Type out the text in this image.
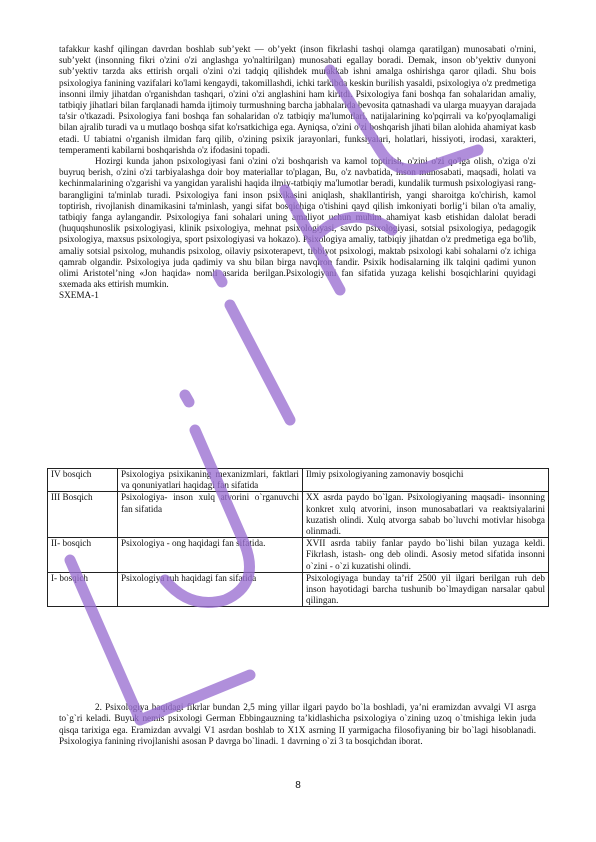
tafakkur kashf qilingan davrdan boshlab sub’yekt — ob’yekt (inson fikrlashi tashqi olamga qaratilgan) munosabati o'rnini, sub’yekt (insonning fikri o'zini o'zi anglashga yo'naltirilgan) munosabati egallay boradi. Demak, inson ob’yektiv dunyoni sub’yektiv tarzda aks ettirish orqali o'zini o'zi tadqiq qilishdek murakkab ishni amalga oshirishga qaror qiladi. Shu bois psixologiya fanining vazifalari ko'lami kengaydi, takomillashdi, ichki tarkibda keskin burilish yasaldi, psixologiya o'z predmetiga insonni ilmiy jihatdan o'rganishdan tashqari, o'zini o'zi anglashini ham kiritdi. Psixologiya fani boshqa fan sohalaridan amaliy, tatbiqiy jihatlari bilan farqlanadi hamda ijtimoiy turmushning barcha jabhalarida bevosita qatnashadi va ularga muayyan darajada ta'sir o'tkazadi. Psixologiya fani boshqa fan sohalaridan o'z tatbiqiy ma'lumotlari, natijalarining ko'pqirrali va ko'pyoqlamaligi bilan ajralib turadi va u mutlaqo boshqa sifat ko'rsatkichiga ega. Ayniqsa, o'zini o'zi boshqarish jihati bilan alohida ahamiyat kasb etadi. U tabiatni o'rganish ilmidan farq qilib, o'zining psixik jarayonlari, funksiyalari, holatlari, hissiyoti, irodasi, xarakteri, temperamenti kabilarni boshqarishda o'z ifodasini topadi.

Hozirgi kunda jahon psixologiyasi fani o'zini o'zi boshqarish va kamol toptirish, o'zini o'zi qo'lga olish, o'ziga o'zi buyruq berish, o'zini o'zi tarbiyalashga doir boy materiallar to'plagan, Bu, o'z navbatida, inson munosabati, maqsadi, holati va kechinmalarining o'zgarishi va yangidan yaralishi haqida ilmiy-tatbiqiy ma'lumotlar beradi, kundalik turmush psixologiyasi rang-barangligini ta'minlab turadi. Psixologiya fani inson psixikasini aniqlash, shakllantirish, yangi sharoitga ko'chirish, kamol toptirish, rivojlanish dinamikasini ta'minlash, yangi sifat bosqichiga o'tishini qayd qilish imkoniyati borlig’i bilan o'ta amaliy, tatbiqiy fanga aylangandir. Psixologiya fani sohalari uning amaliyot uchun muhim ahamiyat kasb etishidan dalolat beradi (huquqshunoslik psixologiyasi, klinik psixologiya, mehnat psixologiyasi, savdo psixologiyasi, sotsial psixologiya, pedagogik psixologiya, maxsus psixologiya, sport psixologiyasi va hokazo). Psixologiya amaliy, tatbiqiy jihatdan o'z predmetiga ega bo'lib, amaliy sotsial psixolog, muhandis psixolog, oilaviy psixoterapevt, tibbiyot psixologi, maktab psixologi kabi sohalarni o'z ichiga qamrab olgandir. Psixologiya juda qadimiy va shu bilan birga navqiron fandir. Psixik hodisalarning ilk talqini qadimi yunon olimi Aristotel’ning «Jon haqida» nomli asarida berilgan.Psixologiyani fan sifatida yuzaga kelishi bosqichlarini quyidagi sxemada aks ettirish mumkin.

SXEMA-1

IV bosqich	Psixologiya psixikaning mexanizmlari, faktlari va qonuniyatlari haqidagi fan sifatida	Ilmiy psixologiyaning zamonaviy bosqichi
III Bosqich	Psixologiya- inson xulq atvorini o`rganuvchi fan sifatida	XX asrda paydo bo`lgan. Psixologiyaning maqsadi- insonning konkret xulq atvorini, inson munosabatlari va reaktsiyalarini kuzatish olindi. Xulq atvorga sabab bo`luvchi motivlar hisobga olinmadi.
II- bosqich	Psixologiya - ong haqidagi fan sifatida.	XVII asrda tabiiy fanlar paydo bo`lishi bilan yuzaga keldi. Fikrlash, istash- ong deb olindi. Asosiy metod sifatida insonni o`zini - o`zi kuzatishi olindi.
I- bosqich	Psixologiya ruh haqidagi fan sifatida	Psixologiyaga bunday ta’rif 2500 yil ilgari berilgan ruh deb inson hayotidagi barcha tushunib bo`lmaydigan narsalar qabul qilingan.

2. Psixologiya haqidagi fikrlar bundan 2,5 ming yillar ilgari paydo bo`la boshladi, ya’ni eramizdan avvalgi VI asrga to`g`ri keladi. Buyuk nemis psixologi German Ebbingauzning ta’kidlashicha psixologiya o`zining uzoq o`tmishiga lekin juda qisqa tarixiga ega. Eramizdan avvalgi V1 asrdan boshlab to X1X asrning II yarmigacha filosofiyaning bir bo`lagi hisoblanadi. Psixologiya fanining rivojlanishi asosan P davrga bo`linadi. 1 davrning o`zi 3 ta bosqichdan iborat.

8
